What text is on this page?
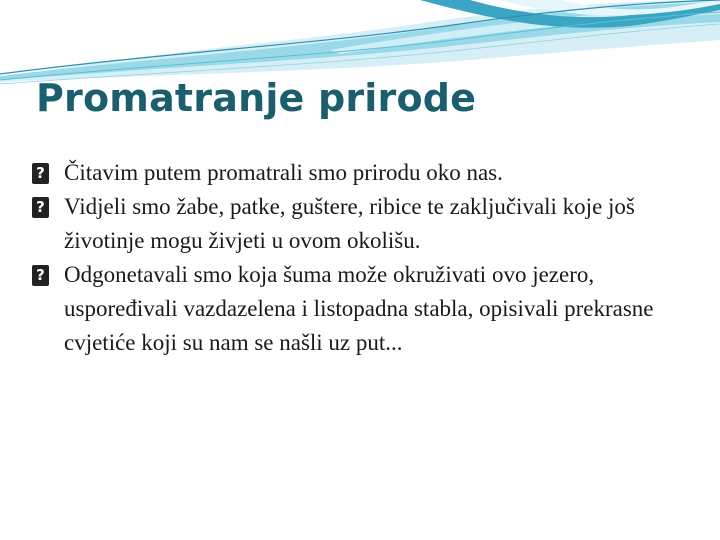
Promatranje prirode
? Čitavim putem promatrali smo prirodu oko nas.
? Vidjeli smo žabe, patke, guštere, ribice te zaključivali koje još životinje mogu živjeti u ovom okolišu.
? Odgonetavali smo koja šuma može okruživati ovo jezero, uspoređivali vazdazelena i listopadna stabla, opisivali prekrasne cvjetiće koji su nam se našli uz put...
